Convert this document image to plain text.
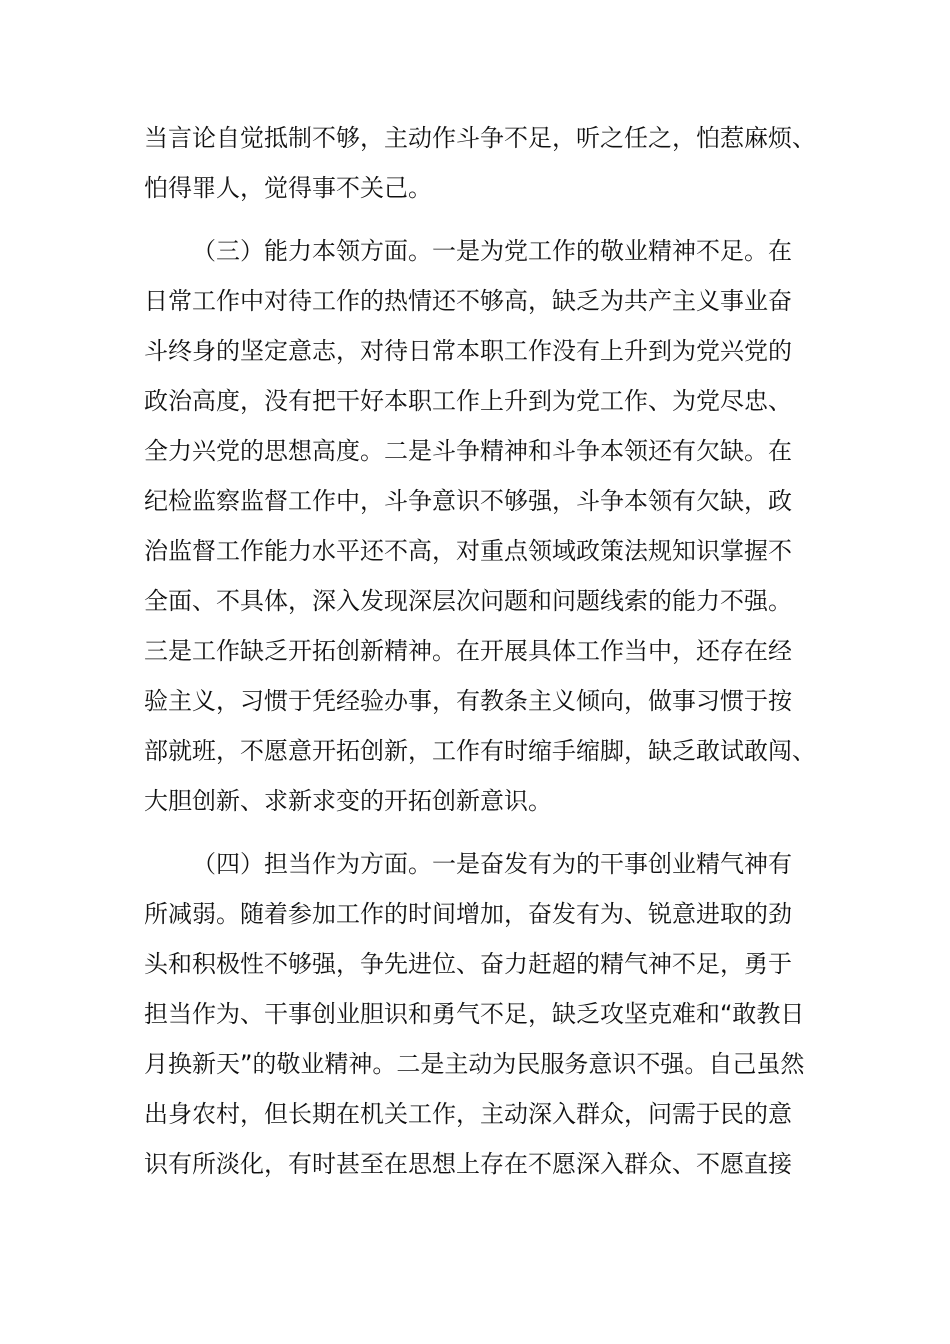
当言论自觉抵制不够，主动作斗争不足，听之任之，怕惹麻烦、
怕得罪人，觉得事不关己。
（三）能力本领方面。一是为党工作的敬业精神不足。在
日常工作中对待工作的热情还不够高，缺乏为共产主义事业奋
斗终身的坚定意志，对待日常本职工作没有上升到为党兴党的
政治高度，没有把干好本职工作上升到为党工作、为党尽忠、
全力兴党的思想高度。二是斗争精神和斗争本领还有欠缺。在
纪检监察监督工作中，斗争意识不够强，斗争本领有欠缺，政
治监督工作能力水平还不高，对重点领域政策法规知识掌握不
全面、不具体，深入发现深层次问题和问题线索的能力不强。
三是工作缺乏开拓创新精神。在开展具体工作当中，还存在经
验主义，习惯于凭经验办事，有教条主义倾向，做事习惯于按
部就班，不愿意开拓创新，工作有时缩手缩脚，缺乏敢试敢闯、
大胆创新、求新求变的开拓创新意识。
（四）担当作为方面。一是奋发有为的干事创业精气神有
所减弱。随着参加工作的时间增加，奋发有为、锐意进取的劲
头和积极性不够强，争先进位、奋力赶超的精气神不足，勇于
担当作为、干事创业胆识和勇气不足，缺乏攻坚克难和“敢教日
月换新天”的敬业精神。二是主动为民服务意识不强。自己虽然
出身农村，但长期在机关工作，主动深入群众，问需于民的意
识有所淡化，有时甚至在思想上存在不愿深入群众、不愿直接
